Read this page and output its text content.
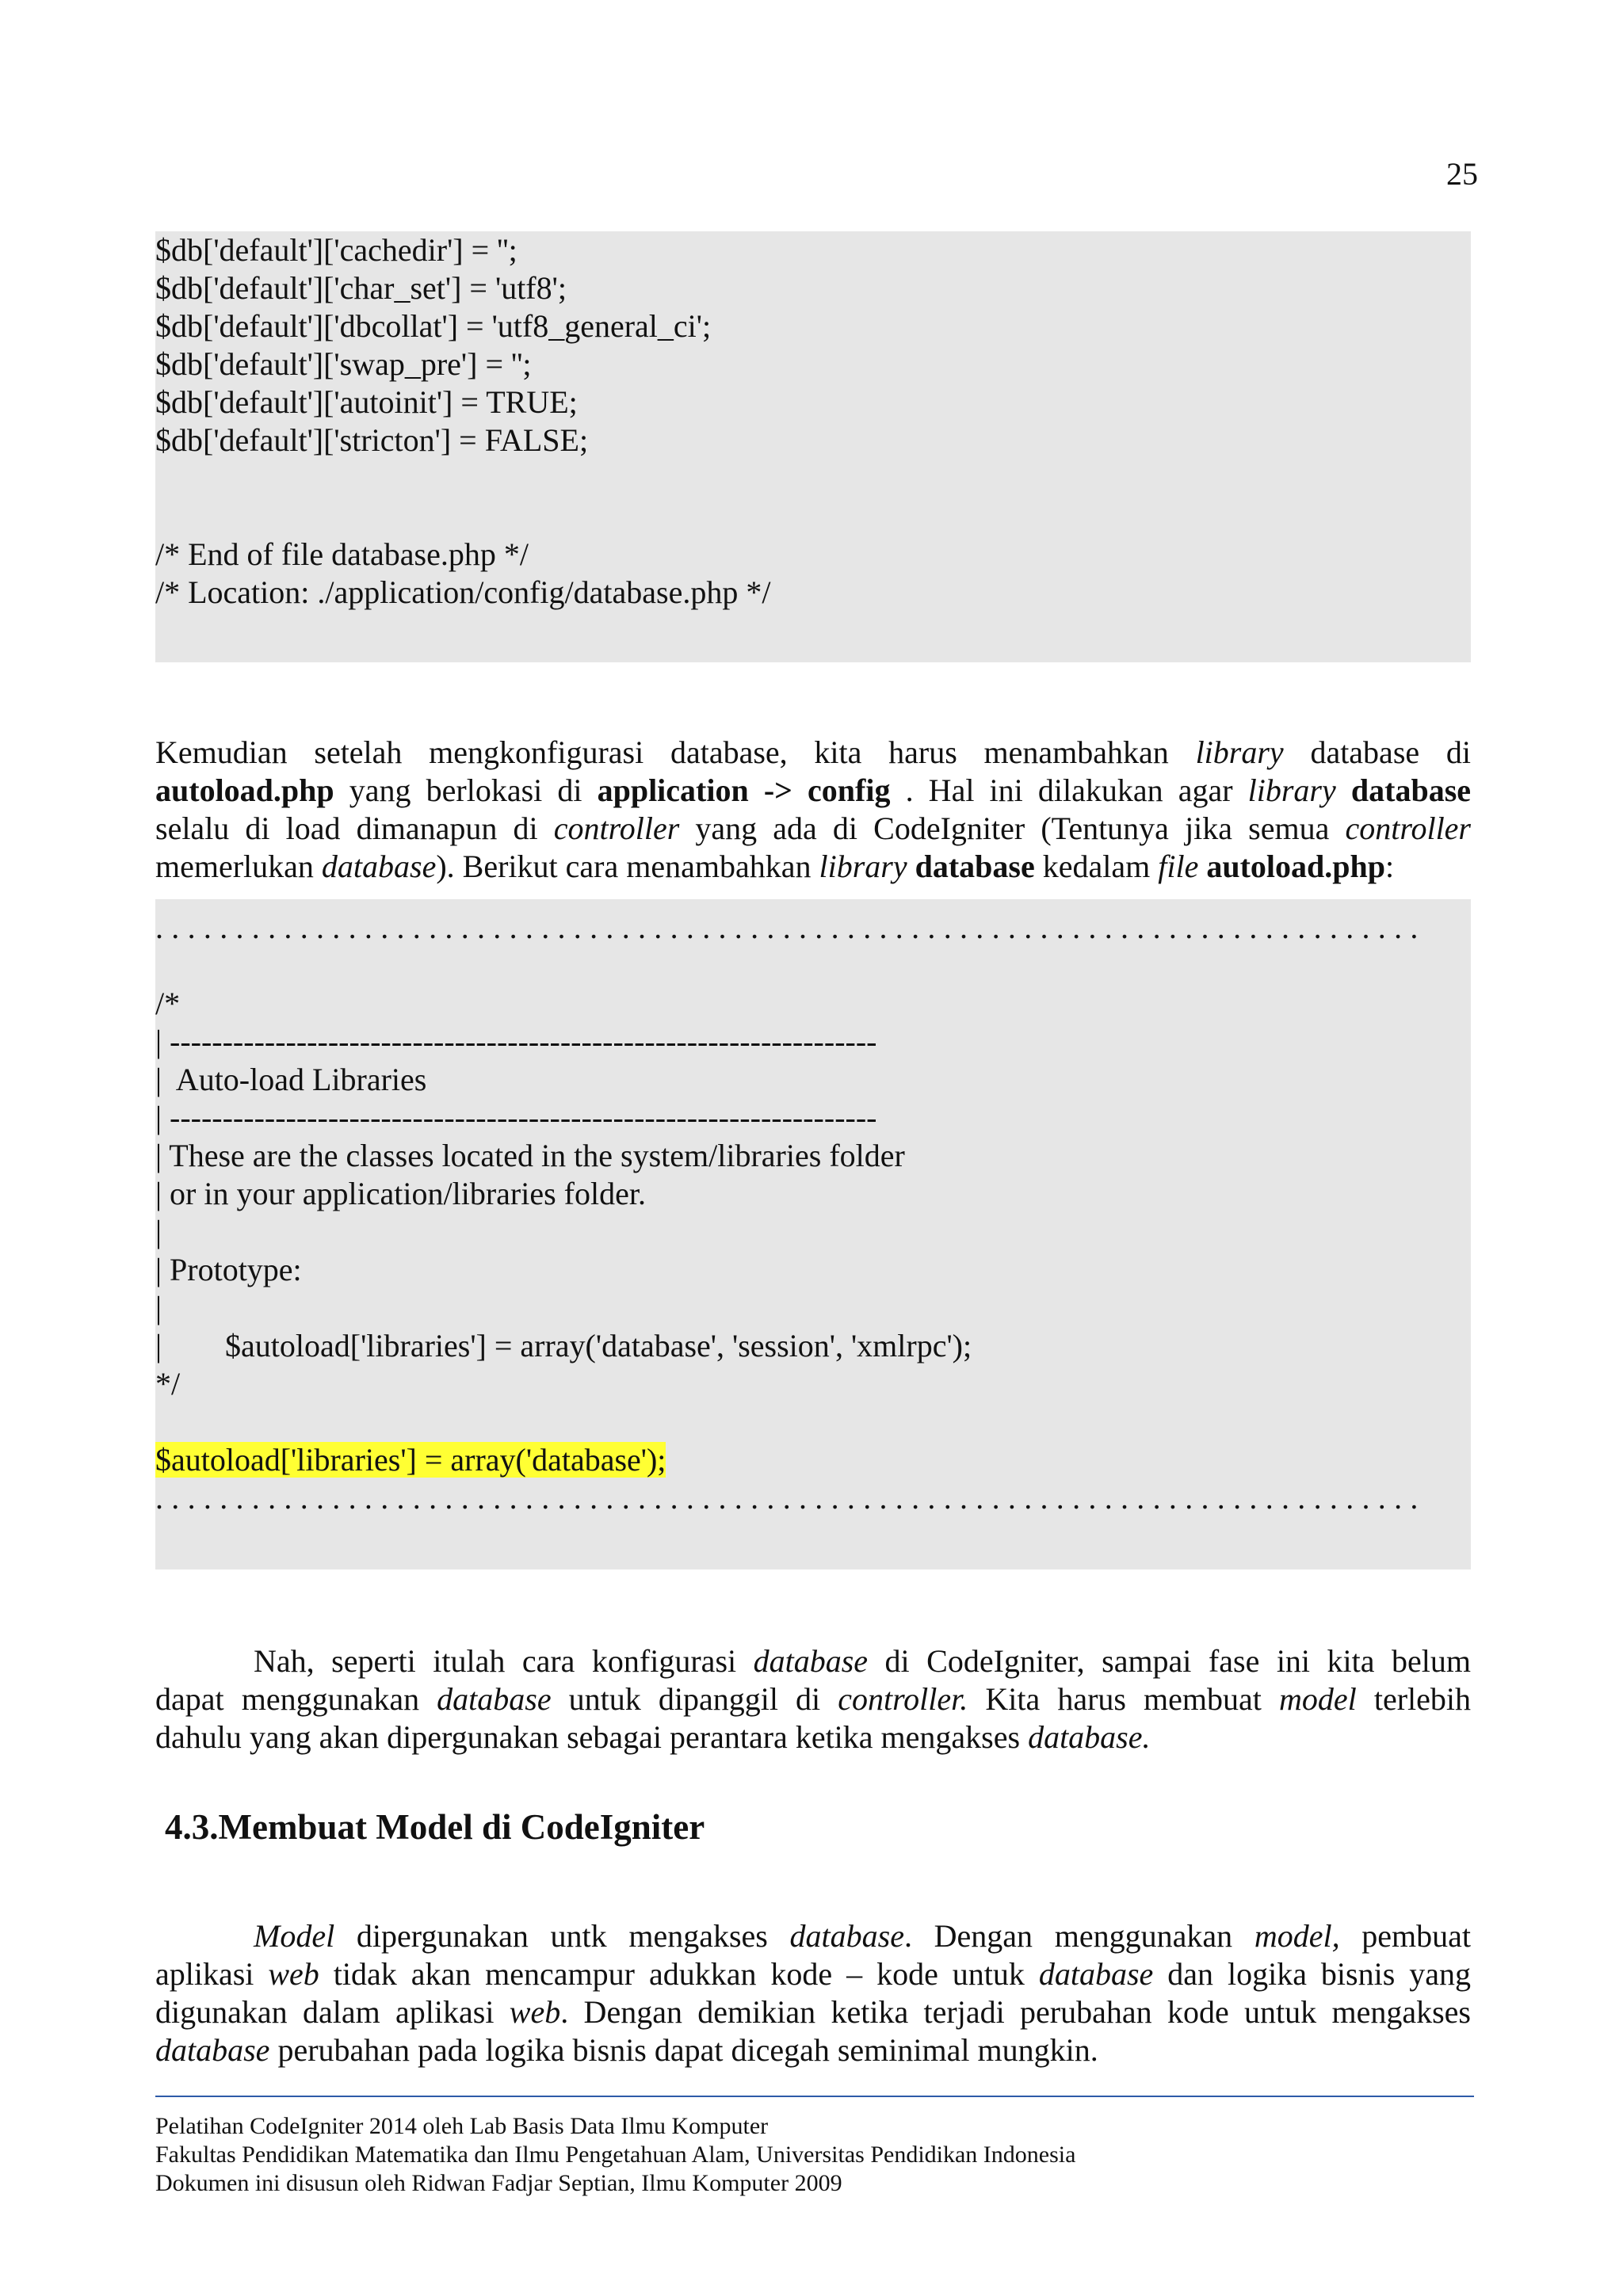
25
$db['default']['cachedir'] = '';
$db['default']['char_set'] = 'utf8';
$db['default']['dbcollat'] = 'utf8_general_ci';
$db['default']['swap_pre'] = '';
$db['default']['autoinit'] = TRUE;
$db['default']['stricton'] = FALSE;
/* End of file database.php */
/* Location: ./application/config/database.php */
Kemudian setelah mengkonfigurasi database, kita harus menambahkan library database di
autoload.php yang berlokasi di application -> config . Hal ini dilakukan agar library database
selalu di load dimanapun di controller yang ada di CodeIgniter (Tentunya jika semua controller
memerlukan database). Berikut cara menambahkan library database kedalam file autoload.php:
...............................................................................
/*
| -------------------------------------------------------------------
|  Auto-load Libraries
| -------------------------------------------------------------------
| These are the classes located in the system/libraries folder
| or in your application/libraries folder.
|
| Prototype:
|
|        $autoload['libraries'] = array('database', 'session', 'xmlrpc');
*/
$autoload['libraries'] = array('database');
...............................................................................
Nah, seperti itulah cara konfigurasi database di CodeIgniter, sampai fase ini kita belum
dapat menggunakan database untuk dipanggil di controller. Kita harus membuat model terlebih
dahulu yang akan dipergunakan sebagai perantara ketika mengakses database.
4.3.Membuat Model di CodeIgniter
Model dipergunakan untk mengakses database. Dengan menggunakan model, pembuat
aplikasi web tidak akan mencampur adukkan kode – kode untuk database dan logika bisnis yang
digunakan dalam aplikasi web. Dengan demikian ketika terjadi perubahan kode untuk mengakses
database perubahan pada logika bisnis dapat dicegah seminimal mungkin.
Pelatihan CodeIgniter 2014 oleh Lab Basis Data Ilmu Komputer
Fakultas Pendidikan Matematika dan Ilmu Pengetahuan Alam, Universitas Pendidikan Indonesia
Dokumen ini disusun oleh Ridwan Fadjar Septian, Ilmu Komputer 2009
